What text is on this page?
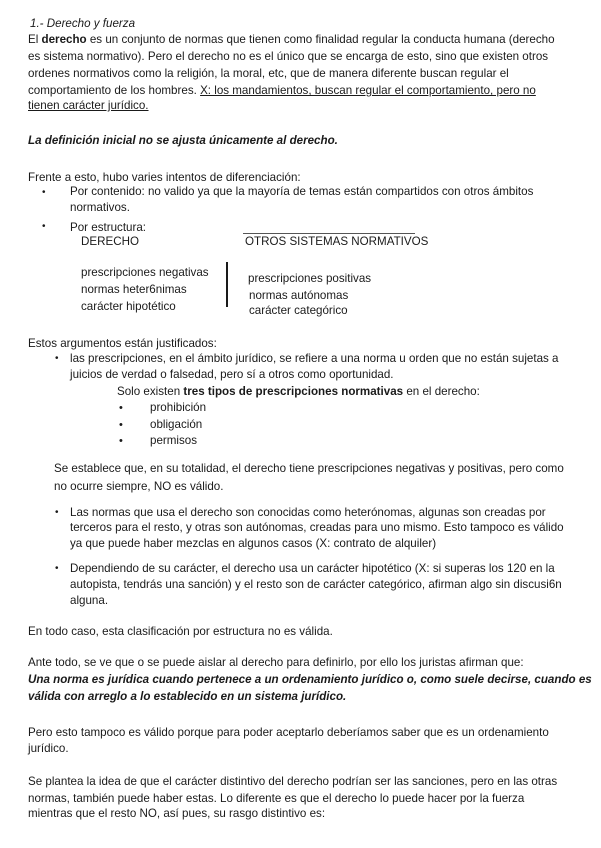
1.- Derecho y fuerza
El derecho es un conjunto de normas que tienen como finalidad regular la conducta humana (derecho
es sistema normativo). Pero el derecho no es el único que se encarga de esto, sino que existen otros
ordenes normativos como la religión, la moral, etc, que de manera diferente buscan regular el
comportamiento de los hombres. X: los mandamientos, buscan regular el comportamiento, pero no
tienen carácter jurídico.
La definición inicial no se ajusta únicamente al derecho.
Frente a esto, hubo varies intentos de diferenciación:
• Por contenido: no valido ya que la mayoría de temas están compartidos con otros ámbitos
normativos.
• Por estructura:
DERECHO	OTROS SISTEMAS NORMATIVOS
prescripciones negativas
normas heter6nimas
carácter hipotético
prescripciones positivas
normas autónomas
carácter categórico
Estos argumentos están justificados:
• las prescripciones, en el ámbito jurídico, se refiere a una norma u orden que no están sujetas a
juicios de verdad o falsedad, pero sí a otros como oportunidad.
Solo existen tres tipos de prescripciones normativas en el derecho:
• prohibición
• obligación
• permisos
Se establece que, en su totalidad, el derecho tiene prescripciones negativas y positivas, pero como
no ocurre siempre, NO es válido.
• Las normas que usa el derecho son conocidas como heterónomas, algunas son creadas por
terceros para el resto, y otras son autónomas, creadas para uno mismo. Esto tampoco es válido
ya que puede haber mezclas en algunos casos (X: contrato de alquiler)
• Dependiendo de su carácter, el derecho usa un carácter hipotético (X: si superas los 120 en la
autopista, tendrás una sanción) y el resto son de carácter categórico, afirman algo sin discusi6n
alguna.
En todo caso, esta clasificación por estructura no es válida.
Ante todo, se ve que o se puede aislar al derecho para definirlo, por ello los juristas afirman que:
Una norma es jurídica cuando pertenece a un ordenamiento jurídico o, como suele decirse, cuando es
válida con arreglo a lo establecido en un sistema jurídico.
Pero esto tampoco es válido porque para poder aceptarlo deberíamos saber que es un ordenamiento
jurídico.
Se plantea la idea de que el carácter distintivo del derecho podrían ser las sanciones, pero en las otras
normas, también puede haber estas. Lo diferente es que el derecho lo puede hacer por la fuerza
mientras que el resto NO, así pues, su rasgo distintivo es:
